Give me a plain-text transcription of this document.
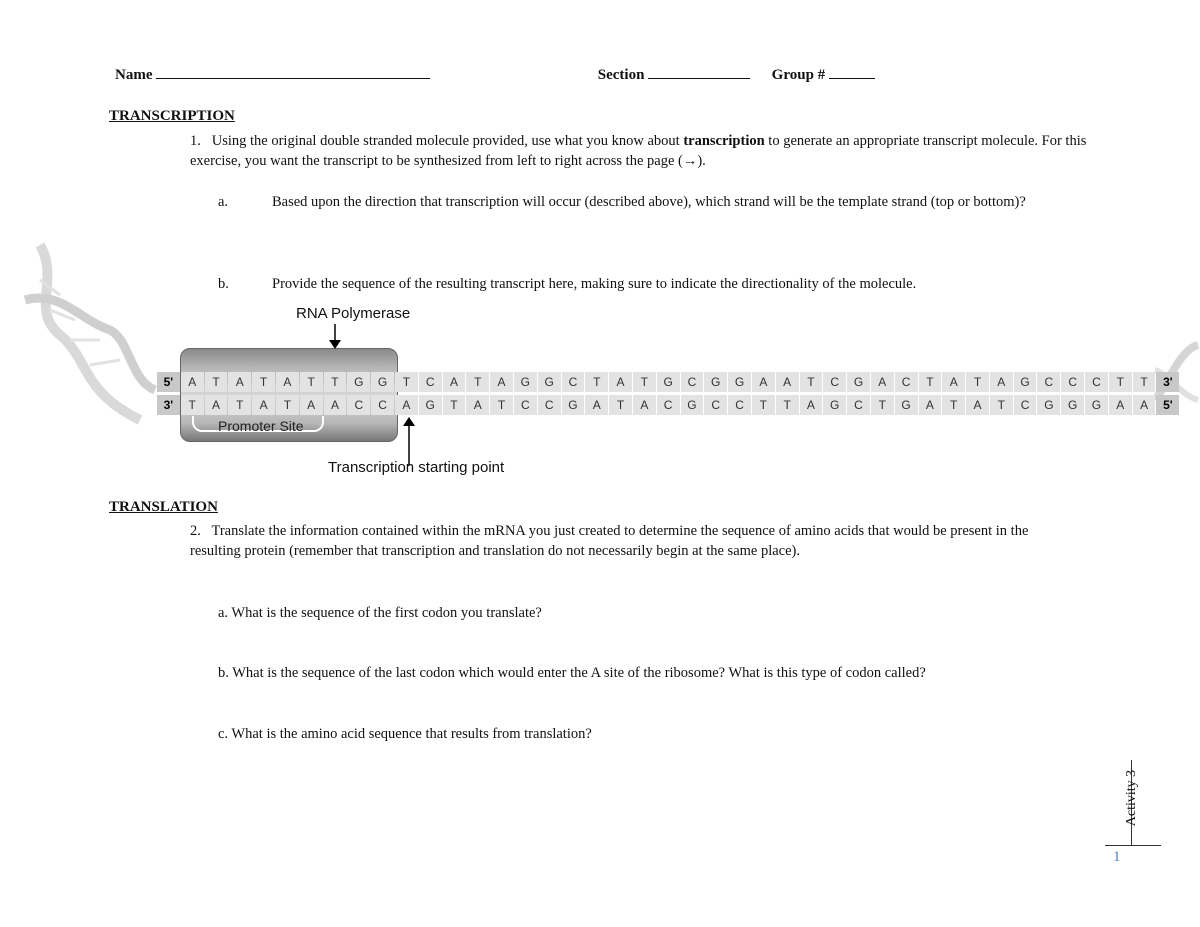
Name	Section	Group #
TRANSCRIPTION
1. Using the original double stranded molecule provided, use what you know about transcription to generate an appropriate transcript molecule. For this exercise, you want the transcript to be synthesized from left to right across the page (→).
a.	Based upon the direction that transcription will occur (described above), which strand will be the template strand (top or bottom)?
b.	Provide the sequence of the resulting transcript here, making sure to indicate the directionality of the molecule.
Promoter Site
RNA Polymerase
5'	A	T	A	T	A	T	T	G	G	T	C	A	T	A	G	G	C	T	A	T	G	C	G	G	A	A	T	C	G	A	C	T	A	T	A	G	C	C	C	T	T	3'
3'	T	A	T	A	T	A	A	C	C	A	G	T	A	T	C	C	G	A	T	A	C	G	C	C	T	T	A	G	C	T	G	A	T	A	T	C	G	G	G	A	A	5'
Transcription starting point
TRANSLATION
2. Translate the information contained within the mRNA you just created to determine the sequence of amino acids that would be present in the resulting protein (remember that transcription and translation do not necessarily begin at the same place).
a. What is the sequence of the first codon you translate?
b. What is the sequence of the last codon which would enter the A site of the ribosome? What is this type of codon called?
c. What is the amino acid sequence that results from translation?
Activity 3
1
